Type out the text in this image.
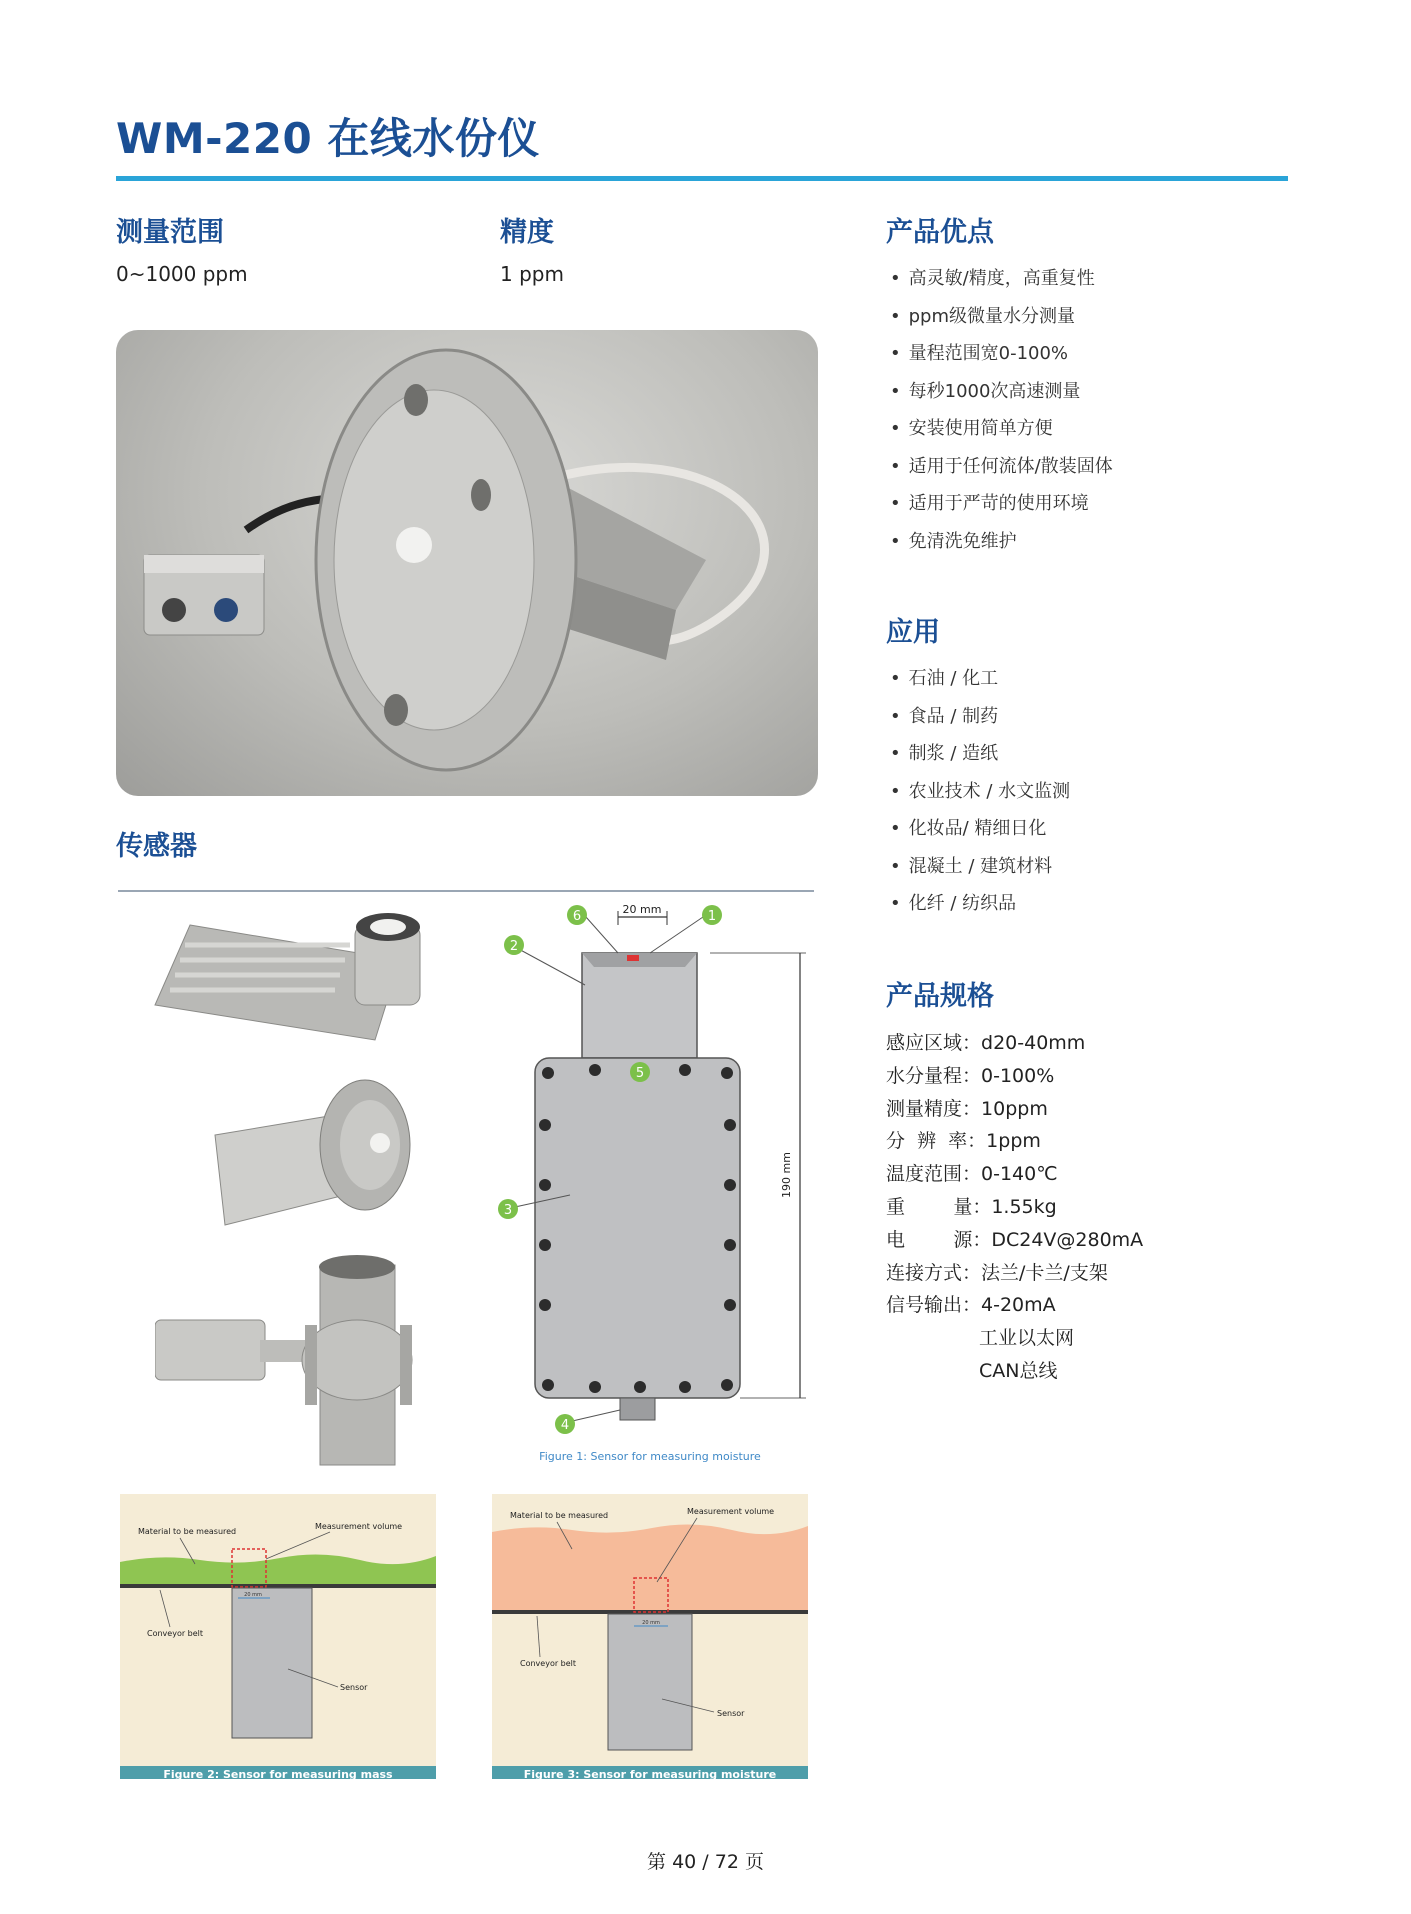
WM-220 在线水份仪
测量范围
0~1000 ppm
精度
1 ppm
产品优点
• 高灵敏/精度，高重复性
• ppm级微量水分测量
• 量程范围宽0-100%
• 每秒1000次高速测量
• 安装使用简单方便
• 适用于任何流体/散装固体
• 适用于严苛的使用环境
• 免清洗免维护
应用
• 石油 / 化工
• 食品 / 制药
• 制浆 / 造纸
• 农业技术 / 水文监测
• 化妆品/ 精细日化
• 混凝土 / 建筑材料
• 化纤 / 纺织品
产品规格
感应区域：d20-40mm
水分量程：0-100%
测量精度：10ppm
分  辨  率：1ppm
温度范围：0-140℃
重        量：1.55kg
电        源：DC24V@280mA
连接方式：法兰/卡兰/支架
信号输出：4-20mA
工业以太网
CAN总线
传感器
20 mm
190 mm
6	1
2
5
3
4
Figure 1: Sensor for measuring moisture
20 mm
Material to be measured
Measurement volume
Conveyor belt
Sensor
Figure 2: Sensor for measuring mass
20 mm
Material to be measured	Measurement volume
Conveyor belt
Sensor
Figure 3: Sensor for measuring moisture
第 40 / 72 页
